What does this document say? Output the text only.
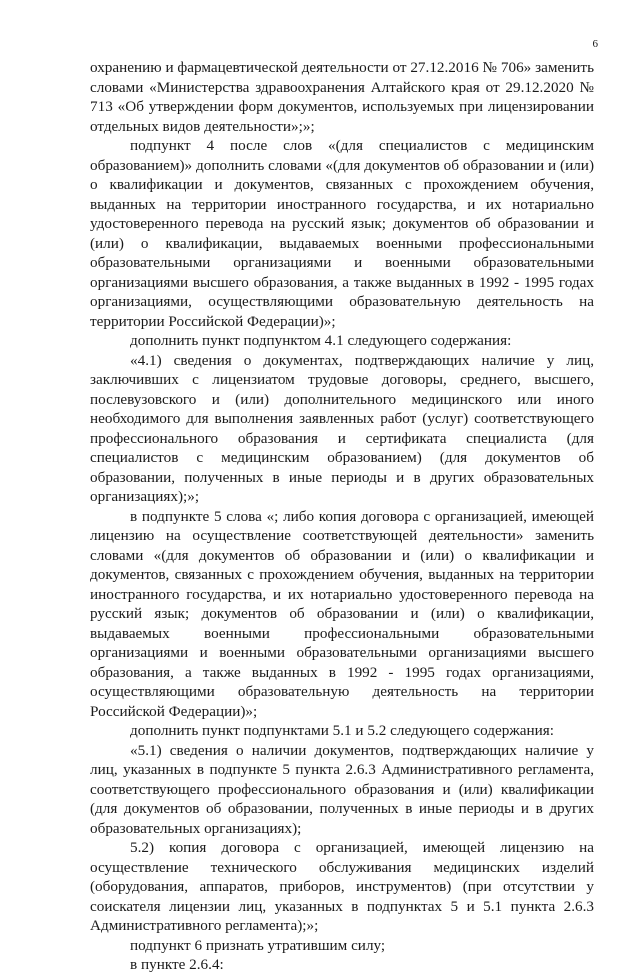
6

охранению и фармацевтической деятельности от 27.12.2016 № 706» заменить словами «Министерства здравоохранения Алтайского края от 29.12.2020 № 713 «Об утверждении форм документов, используемых при лицензировании отдельных видов деятельности»;»;

подпункт 4 после слов «(для специалистов с медицинским образованием)» дополнить словами «(для документов об образовании и (или) о квалификации и документов, связанных с прохождением обучения, выданных на территории иностранного государства, и их нотариально удостоверенного перевода на русский язык; документов об образовании и (или) о квалификации, выдаваемых военными профессиональными образовательными организациями и военными образовательными организациями высшего образования, а также выданных в 1992 - 1995 годах организациями, осуществляющими образовательную деятельность на территории Российской Федерации)»;

дополнить пункт подпунктом 4.1 следующего содержания:

«4.1) сведения о документах, подтверждающих наличие у лиц, заключивших с лицензиатом трудовые договоры, среднего, высшего, послевузовского и (или) дополнительного медицинского или иного необходимого для выполнения заявленных работ (услуг) соответствующего профессионального образования и сертификата специалиста (для специалистов с медицинским образованием) (для документов об образовании, полученных в иные периоды и в других образовательных организациях);»;

в подпункте 5 слова «; либо копия договора с организацией, имеющей лицензию на осуществление соответствующей деятельности» заменить словами «(для документов об образовании и (или) о квалификации и документов, связанных с прохождением обучения, выданных на территории иностранного государства, и их нотариально удостоверенного перевода на русский язык; документов об образовании и (или) о квалификации, выдаваемых военными профессиональными образовательными организациями и военными образовательными организациями высшего образования, а также выданных в 1992 - 1995 годах организациями, осуществляющими образовательную деятельность на территории Российской Федерации)»;

дополнить пункт подпунктами 5.1 и 5.2 следующего содержания:

«5.1) сведения о наличии документов, подтверждающих наличие у лиц, указанных в подпункте 5 пункта 2.6.3 Административного регламента, соответствующего профессионального образования и (или) квалификации (для документов об образовании, полученных в иные периоды и в других образовательных организациях);

5.2) копия договора с организацией, имеющей лицензию на осуществление технического обслуживания медицинских изделий (оборудования, аппаратов, приборов, инструментов) (при отсутствии у соискателя лицензии лиц, указанных в подпунктах 5 и 5.1 пункта 2.6.3 Административного регламента);»;

подпункт 6 признать утратившим силу;

в пункте 2.6.4:
